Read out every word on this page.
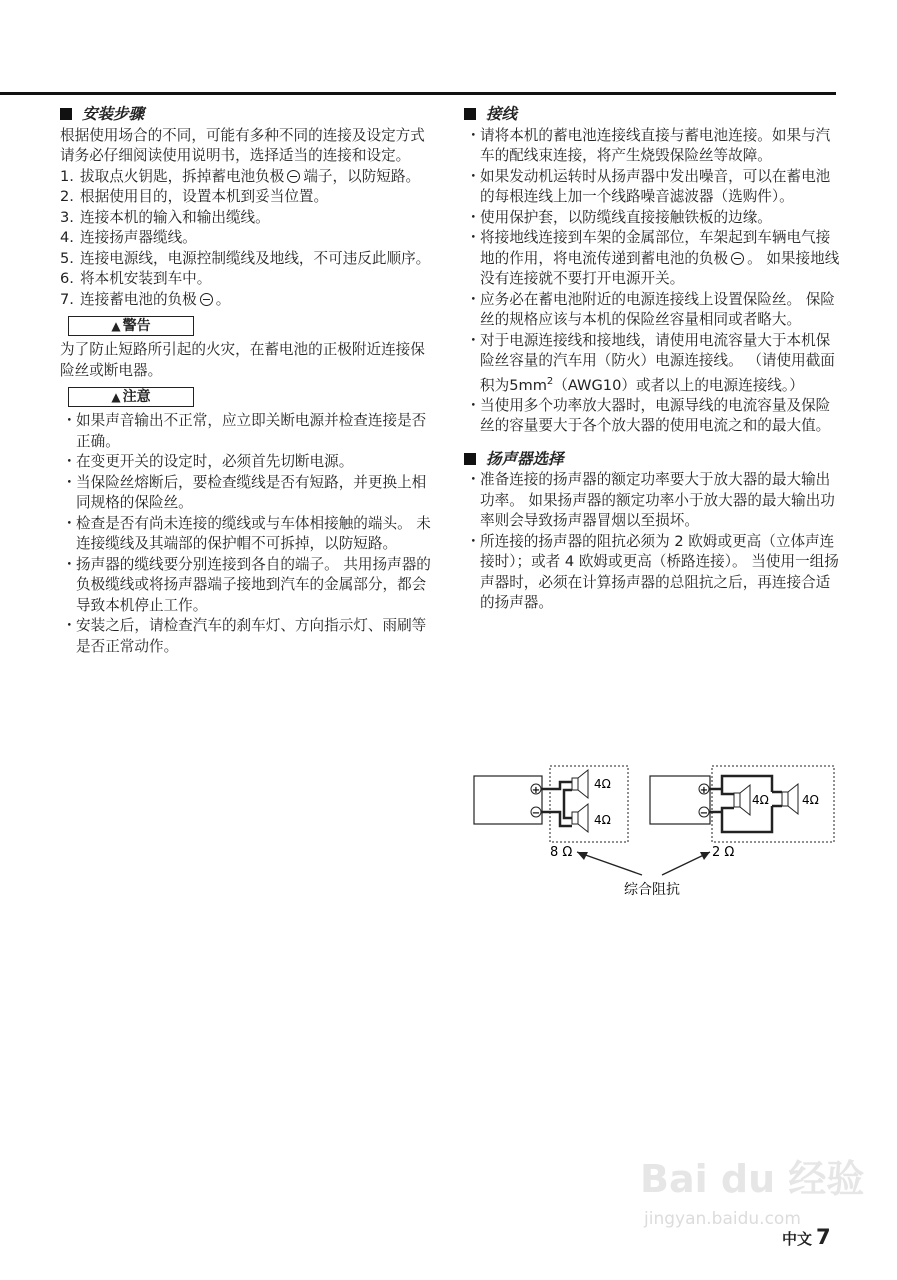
安装步骤

根据使用场合的不同，可能有多种不同的连接及设定方式请务必仔细阅读使用说明书，选择适当的连接和设定。

1. 拔取点火钥匙，拆掉蓄电池负极 端子，以防短路。
2. 根据使用目的，设置本机到妥当位置。
3. 连接本机的输入和输出缆线。
4. 连接扬声器缆线。
5. 连接电源线，电源控制缆线及地线，不可违反此顺序。
6. 将本机安装到车中。
7. 连接蓄电池的负极 。
▲ 警告

为了防止短路所引起的火灾，在蓄电池的正极附近连接保险丝或断电器。

▲ 注意
・ 如果声音输出不正常，应立即关断电源并检查连接是否正确。
・ 在变更开关的设定时，必须首先切断电源。
・ 当保险丝熔断后，要检查缆线是否有短路，并更换上相同规格的保险丝。
・ 检查是否有尚未连接的缆线或与车体相接触的端头。 未连接缆线及其端部的保护帽不可拆掉，以防短路。
・ 扬声器的缆线要分别连接到各自的端子。 共用扬声器的负极缆线或将扬声器端子接地到汽车的金属部分，都会导致本机停止工作。
・ 安装之后，请检查汽车的刹车灯、方向指示灯、雨刷等是否正常动作。
接线
・ 请将本机的蓄电池连接线直接与蓄电池连接。如果与汽车的配线束连接，将产生烧毁保险丝等故障。
・ 如果发动机运转时从扬声器中发出噪音，可以在蓄电池的每根连线上加一个线路噪音滤波器（选购件）。
・ 使用保护套，以防缆线直接接触铁板的边缘。
・ 将接地线连接到车架的金属部位，车架起到车辆电气接地的作用，将电流传递到蓄电池的负极 。 如果接地线没有连接就不要打开电源开关。
・ 应务必在蓄电池附近的电源连接线上设置保险丝。 保险丝的规格应该与本机的保险丝容量相同或者略大。
・ 对于电源连接线和接地线，请使用电流容量大于本机保险丝容量的汽车用（防火）电源连接线。 （请使用截面积为$5mm^2(AWG10)$或者以上的电源连接线。）
・ 当使用多个功率放大器时，电源导线的电流容量及保险丝的容量要大于各个放大器的使用电流之和的最大值。
扬声器选择
・ 准备连接的扬声器的额定功率要大于放大器的最大输出功率。 如果扬声器的额定功率小于放大器的最大输出功率则会导致扬声器冒烟以至损坏。
・ 所连接的扬声器的阻抗必须为 2 欧姆或更高（立体声连接时）；或者 4 欧姆或更高（桥路连接）。 当使用一组扬声器时，必须在计算扬声器的总阻抗之后，再连接合适的扬声器。
+
−
4Ω
4Ω
8 Ω
+
−
4Ω	4Ω
2 Ω
综合阻抗
Bai du 经验
jingyan.baidu.com
中文 7
